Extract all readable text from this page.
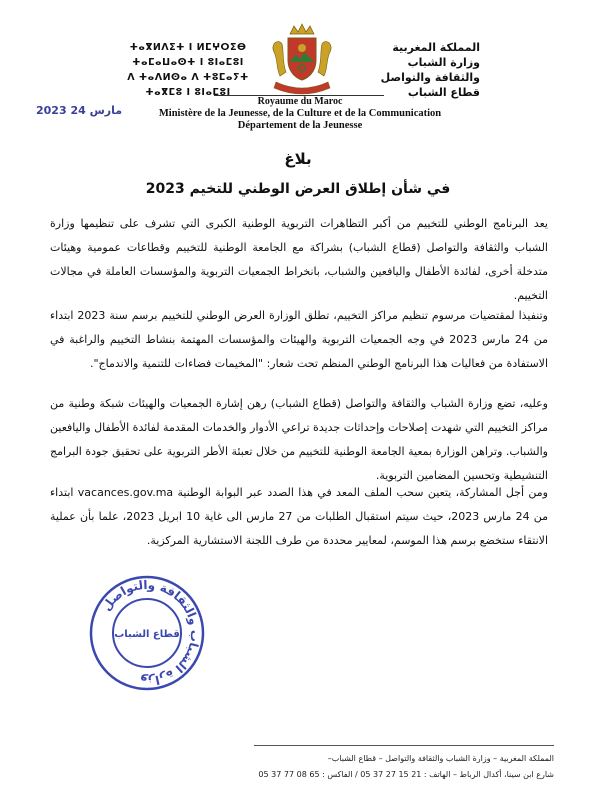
ⵜⴰⴳⵍⴷⵉⵜ ⵏ ⵍⵎⵖⵔⵉⴱ
ⵜⴰⵎⴰⵡⴰⵙⵜ ⵏ ⵓⵏⴰⵎⵓⵏ
ⴷ ⵜⴰⴷⵍⵙⴰ ⴷ ⵜⵓⵎⴰⵢⵜ
ⵜⴰⴳⵎⵓ ⵏ ⵓⵏⴰⵎⵓⵏ
المملكة المغربية
وزارة الشباب
والثقافة والتواصل
قطاع الشباب
Royaume du Maroc
Ministère de la Jeunesse, de la Culture et de la Communication
Département de la Jeunesse
2023 مارس 24
بلاغ
في شأن إطلاق العرض الوطني للتخيم 2023
يعد البرنامج الوطني للتخييم من أكبر التظاهرات التربوية الوطنية الكبرى التي تشرف على تنظيمها وزارة الشباب والثقافة والتواصل (قطاع الشباب) بشراكة مع الجامعة الوطنية للتخييم وقطاعات عمومية وهيئات متدخلة أخرى، لفائدة الأطفال واليافعين والشباب، بانخراط الجمعيات التربوية والمؤسسات العاملة في مجالات التخييم.
وتنفيذا لمقتضيات مرسوم تنظيم مراكز التخييم، تطلق الوزارة العرض الوطني للتخييم برسم سنة 2023 ابتداء من 24 مارس 2023 في وجه الجمعيات التربوية والهيئات والمؤسسات المهتمة بنشاط التخييم والراغبة في الاستفادة من فعاليات هذا البرنامج الوطني المنظم تحت شعار: "المخيمات فضاءات للتنمية والاندماج".
وعليه، تضع وزارة الشباب والثقافة والتواصل (قطاع الشباب) رهن إشارة الجمعيات والهيئات شبكة وطنية من مراكز التخييم التي شهدت إصلاحات وإحداثات جديدة تراعي الأدوار والخدمات المقدمة لفائدة الأطفال واليافعين والشباب. وتراهن الوزارة بمعية الجامعة الوطنية للتخييم من خلال تعبئة الأطر التربوية على تحقيق جودة البرامج التنشيطية وتحسين المضامين التربوية.
ومن أجل المشاركة، يتعين سحب الملف المعد في هذا الصدد عبر البوابة الوطنية vacances.gov.ma ابتداء من 24 مارس 2023، حيث سيتم استقبال الطلبات من 27 مارس الى غاية 10 ابريل 2023، علما بأن عملية الانتقاء ستخضع برسم هذا الموسم، لمعايير محددة من طرف اللجنة الاستشارية المركزية.
وزارة الشباب والثقافة والتواصل
قطاع الشباب
المملكة المغربية – وزارة الشباب والثقافة والتواصل – قطاع الشباب–
شارع ابن سينا، أكدال الرباط – الهاتف : 21 15 27 37 05 / الفاكس : 65 08 77 37 05
